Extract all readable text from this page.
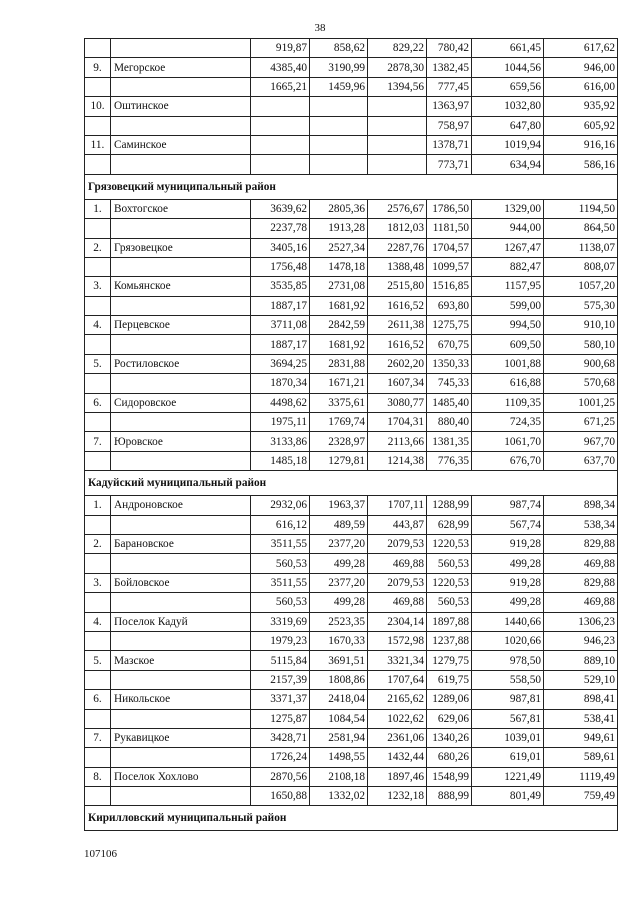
38
		919,87	858,62	829,22	780,42	661,45	617,62
9.	Мегорское	4385,40	3190,99	2878,30	1382,45	1044,56	946,00
		1665,21	1459,96	1394,56	777,45	659,56	616,00
10.	Оштинское				1363,97	1032,80	935,92
					758,97	647,80	605,92
11.	Саминское				1378,71	1019,94	916,16
					773,71	634,94	586,16
Грязовецкий муниципальный район							
1.	Вохтогское	3639,62	2805,36	2576,67	1786,50	1329,00	1194,50
		2237,78	1913,28	1812,03	1181,50	944,00	864,50
2.	Грязовецкое	3405,16	2527,34	2287,76	1704,57	1267,47	1138,07
		1756,48	1478,18	1388,48	1099,57	882,47	808,07
3.	Комьянское	3535,85	2731,08	2515,80	1516,85	1157,95	1057,20
		1887,17	1681,92	1616,52	693,80	599,00	575,30
4.	Перцевское	3711,08	2842,59	2611,38	1275,75	994,50	910,10
		1887,17	1681,92	1616,52	670,75	609,50	580,10
5.	Ростиловское	3694,25	2831,88	2602,20	1350,33	1001,88	900,68
		1870,34	1671,21	1607,34	745,33	616,88	570,68
6.	Сидоровское	4498,62	3375,61	3080,77	1485,40	1109,35	1001,25
		1975,11	1769,74	1704,31	880,40	724,35	671,25
7.	Юровское	3133,86	2328,97	2113,66	1381,35	1061,70	967,70
		1485,18	1279,81	1214,38	776,35	676,70	637,70
Кадуйский муниципальный район							
1.	Андроновское	2932,06	1963,37	1707,11	1288,99	987,74	898,34
		616,12	489,59	443,87	628,99	567,74	538,34
2.	Барановское	3511,55	2377,20	2079,53	1220,53	919,28	829,88
		560,53	499,28	469,88	560,53	499,28	469,88
3.	Бойловское	3511,55	2377,20	2079,53	1220,53	919,28	829,88
		560,53	499,28	469,88	560,53	499,28	469,88
4.	Поселок Кадуй	3319,69	2523,35	2304,14	1897,88	1440,66	1306,23
		1979,23	1670,33	1572,98	1237,88	1020,66	946,23
5.	Мазское	5115,84	3691,51	3321,34	1279,75	978,50	889,10
		2157,39	1808,86	1707,64	619,75	558,50	529,10
6.	Никольское	3371,37	2418,04	2165,62	1289,06	987,81	898,41
		1275,87	1084,54	1022,62	629,06	567,81	538,41
7.	Рукавицкое	3428,71	2581,94	2361,06	1340,26	1039,01	949,61
		1726,24	1498,55	1432,44	680,26	619,01	589,61
8.	Поселок Хохлово	2870,56	2108,18	1897,46	1548,99	1221,49	1119,49
		1650,88	1332,02	1232,18	888,99	801,49	759,49
Кирилловский муниципальный район							
107106
